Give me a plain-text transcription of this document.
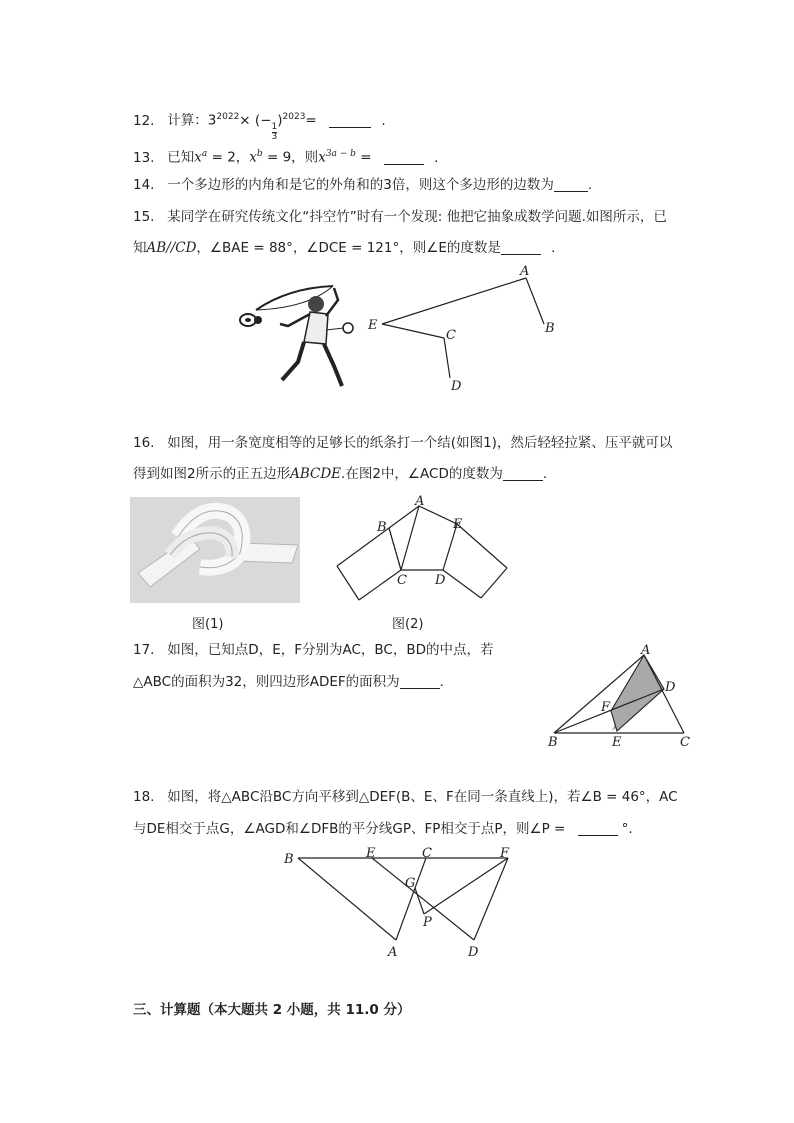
12. 计算：$3^{2022}\times$ (−
$\frac{1}{3}$
)$^{2023}$=	.
13. 已知$x^a = 2$，$x^b = 9$，则$x^{3a - b}$ =	.
14. 一个多边形的内角和是它的外角和的3倍，则这个多边形的边数为	.
15. 某同学在研究传统文化“抖空竹”时有一个发现: 他把它抽象成数学问题.如图所示，已
知AB//CD，∠BAE = 88°，∠DCE = 121°，则∠E的度数是	.
A
B
C
D
E
16. 如图，用一条宽度相等的足够长的纸条打一个结(如图1)，然后轻轻拉紧、压平就可以
得到如图2所示的正五边形ABCDE.在图2中，∠ACD的度数为	.
图(1)
A
B
C D
E
图(2)
17. 如图，已知点D，E，F分别为AC，BC，BD的中点，若
△ABC的面积为32，则四边形ADEF的面积为	.
A
B	C
D
E
F
18. 如图，将△ABC沿BC方向平移到△DEF(B、E、F在同一条直线上)，若∠B = 46°，AC
与DE相交于点G，∠AGD和∠DFB的平分线GP、FP相交于点P，则∠P =	°.
B	E	C	F
G
P
A	D
三、计算题（本大题共 2 小题，共 11.0 分）
